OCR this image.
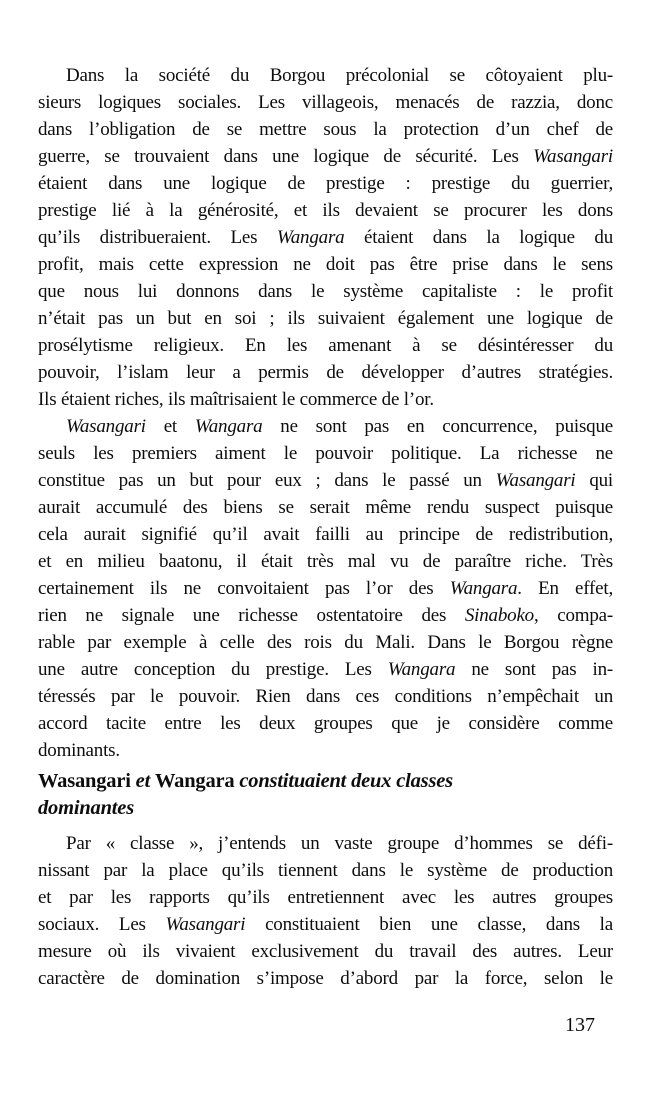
Dans la société du Borgou précolonial se côtoyaient plu-
sieurs logiques sociales. Les villageois, menacés de razzia, donc
dans l’obligation de se mettre sous la protection d’un chef de
guerre, se trouvaient dans une logique de sécurité. Les Wasangari
étaient dans une logique de prestige : prestige du guerrier,
prestige lié à la générosité, et ils devaient se procurer les dons
qu’ils distribueraient. Les Wangara étaient dans la logique du
profit, mais cette expression ne doit pas être prise dans le sens
que nous lui donnons dans le système capitaliste : le profit
n’était pas un but en soi ; ils suivaient également une logique de
prosélytisme religieux. En les amenant à se désintéresser du
pouvoir, l’islam leur a permis de développer d’autres stratégies.
Ils étaient riches, ils maîtrisaient le commerce de l’or.
Wasangari et Wangara ne sont pas en concurrence, puisque
seuls les premiers aiment le pouvoir politique. La richesse ne
constitue pas un but pour eux ; dans le passé un Wasangari qui
aurait accumulé des biens se serait même rendu suspect puisque
cela aurait signifié qu’il avait failli au principe de redistribution,
et en milieu baatonu, il était très mal vu de paraître riche. Très
certainement ils ne convoitaient pas l’or des Wangara. En effet,
rien ne signale une richesse ostentatoire des Sinaboko, compa-
rable par exemple à celle des rois du Mali. Dans le Borgou règne
une autre conception du prestige. Les Wangara ne sont pas in-
téressés par le pouvoir. Rien dans ces conditions n’empêchait un
accord tacite entre les deux groupes que je considère comme
dominants.
Wasangari et Wangara constituaient deux classes
dominantes
Par « classe », j’entends un vaste groupe d’hommes se défi-
nissant par la place qu’ils tiennent dans le système de production
et par les rapports qu’ils entretiennent avec les autres groupes
sociaux. Les Wasangari constituaient bien une classe, dans la
mesure où ils vivaient exclusivement du travail des autres. Leur
caractère de domination s’impose d’abord par la force, selon le
137
